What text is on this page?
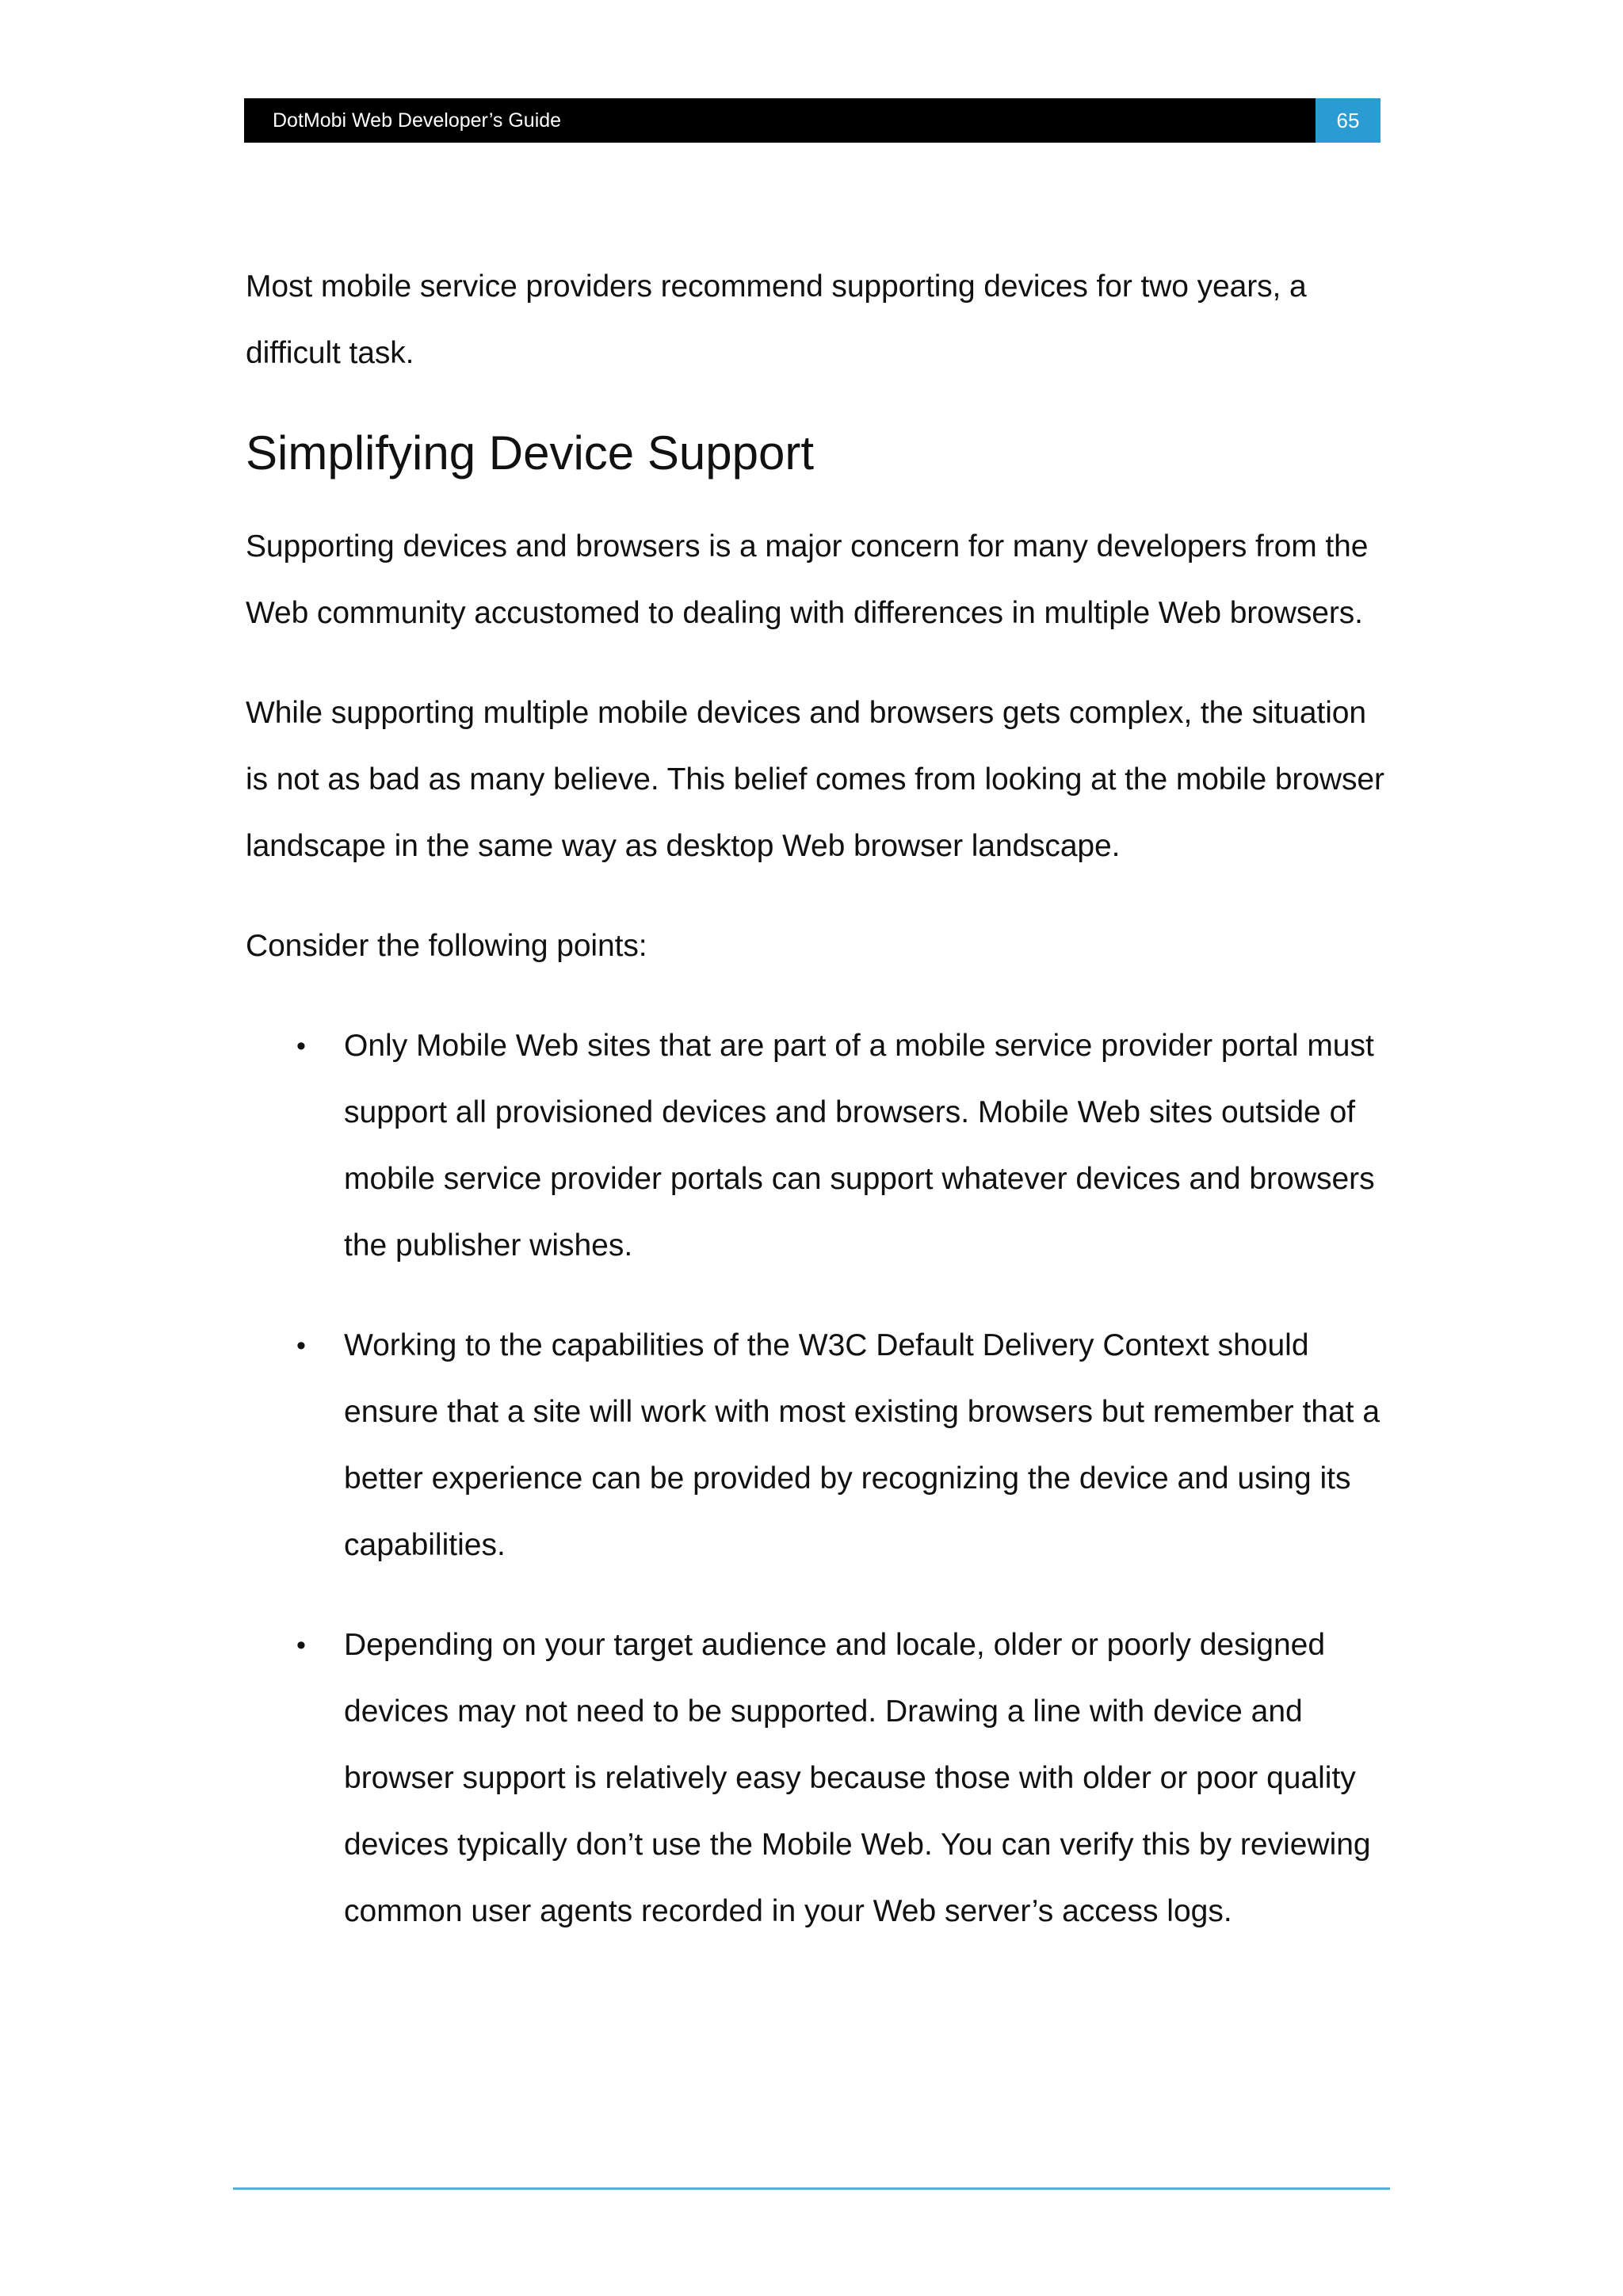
DotMobi Web Developer’s Guide	65

Most mobile service providers recommend supporting devices for two years, a difficult task.

Simplifying Device Support

Supporting devices and browsers is a major concern for many developers from the Web community accustomed to dealing with differences in multiple Web browsers.

While supporting multiple mobile devices and browsers gets complex, the situation is not as bad as many believe. This belief comes from looking at the mobile browser landscape in the same way as desktop Web browser landscape.

Consider the following points:

• Only Mobile Web sites that are part of a mobile service provider portal must support all provisioned devices and browsers. Mobile Web sites outside of mobile service provider portals can support whatever devices and browsers the publisher wishes.
• Working to the capabilities of the W3C Default Delivery Context should ensure that a site will work with most existing browsers but remember that a better experience can be provided by recognizing the device and using its capabilities.
• Depending on your target audience and locale, older or poorly designed devices may not need to be supported. Drawing a line with device and browser support is relatively easy because those with older or poor quality devices typically don’t use the Mobile Web. You can verify this by reviewing common user agents recorded in your Web server’s access logs.
